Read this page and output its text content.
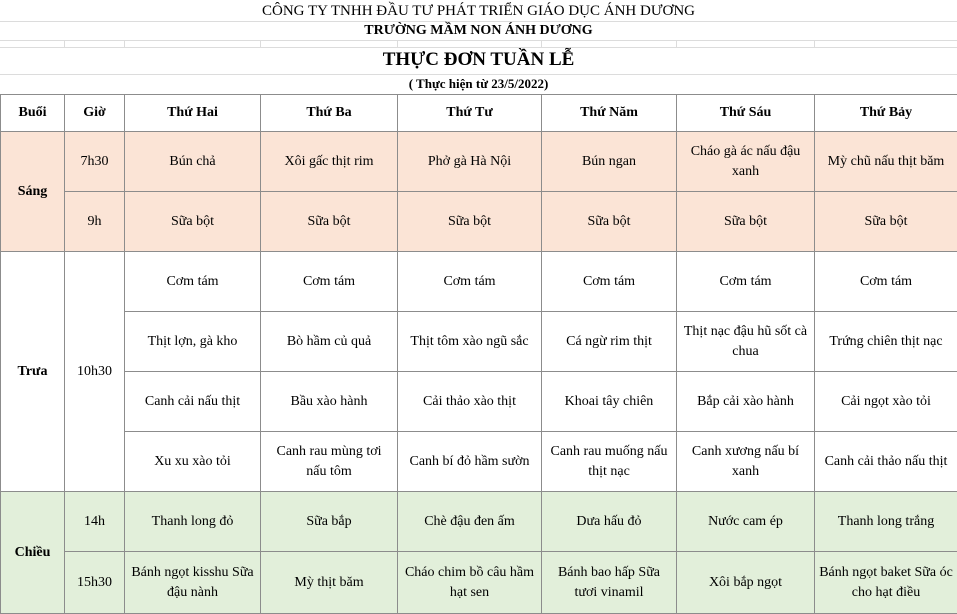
CÔNG TY TNHH ĐẦU TƯ PHÁT TRIỂN GIÁO DỤC ÁNH DƯƠNG
TRƯỜNG MẦM NON ÁNH DƯƠNG
THỰC ĐƠN TUẦN LỄ
( Thực hiện từ 23/5/2022)
Buổi	Giờ	Thứ Hai	Thứ Ba	Thứ Tư	Thứ Năm	Thứ Sáu	Thứ Bảy
Sáng	7h30	Bún chả	Xôi gấc thịt rim	Phở gà Hà Nội	Bún ngan	Cháo gà ác nấu đậu xanh	Mỳ chũ nấu thịt băm
	9h	Sữa bột	Sữa bột	Sữa bột	Sữa bột	Sữa bột	Sữa bột
Trưa	10h30	Cơm tám	Cơm tám	Cơm tám	Cơm tám	Cơm tám	Cơm tám
		Thịt lợn, gà kho	Bò hầm củ quả	Thịt tôm xào ngũ sắc	Cá ngừ rim thịt	Thịt nạc đậu hũ sốt cà chua	Trứng chiên thịt nạc
		Canh cải nấu thịt	Bầu xào hành	Cải thảo xào thịt	Khoai tây chiên	Bắp cải xào hành	Cải ngọt xào tỏi
		Xu xu xào tỏi	Canh rau mùng tơi nấu tôm	Canh bí đỏ hầm sườn	Canh rau muống nấu thịt nạc	Canh xương nấu bí xanh	Canh cải thảo nấu thịt
Chiều	14h	Thanh long đỏ	Sữa bắp	Chè đậu đen ấm	Dưa hấu đỏ	Nước cam ép	Thanh long trắng
	15h30	Bánh ngọt kisshu Sữa đậu nành	Mỳ thịt băm	Cháo chim bồ câu hầm hạt sen	Bánh bao hấp Sữa tươi vinamil	Xôi bắp ngọt	Bánh ngọt baket Sữa óc cho hạt điều
